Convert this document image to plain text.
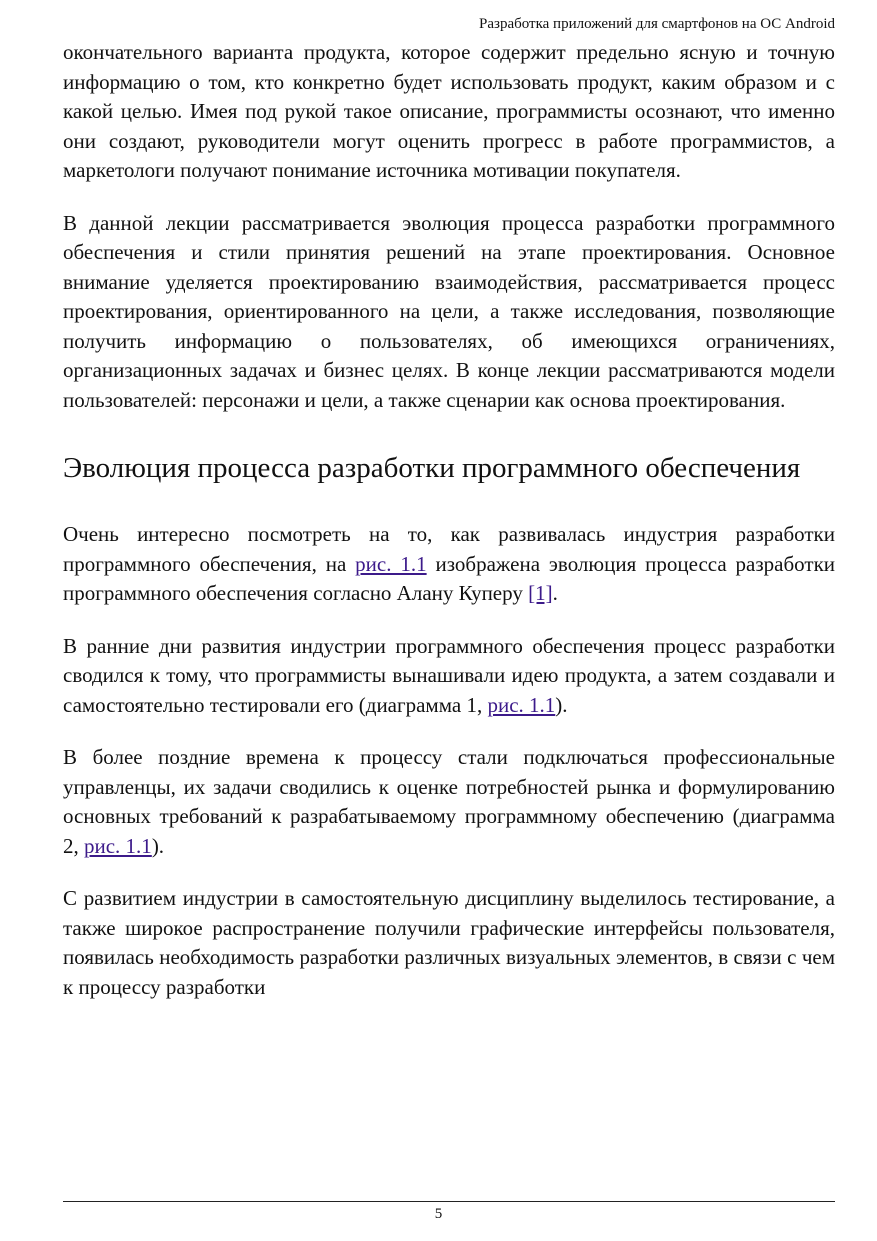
Разработка приложений для смартфонов на ОС Android

окончательного варианта продукта, которое содержит предельно ясную и точную информацию о том, кто конкретно будет использовать продукт, каким образом и с какой целью. Имея под рукой такое описание, программисты осознают, что именно они создают, руководители могут оценить прогресс в работе программистов, а маркетологи получают понимание источника мотивации покупателя.

В данной лекции рассматривается эволюция процесса разработки программного обеспечения и стили принятия решений на этапе проектирования. Основное внимание уделяется проектированию взаимодействия, рассматривается процесс проектирования, ориентированного на цели, а также исследования, позволяющие получить информацию о пользователях, об имеющихся ограничениях, организационных задачах и бизнес целях. В конце лекции рассматриваются модели пользователей: персонажи и цели, а также сценарии как основа проектирования.

Эволюция процесса разработки программного обеспечения

Очень интересно посмотреть на то, как развивалась индустрия разработки программного обеспечения, на рис. 1.1 изображена эволюция процесса разработки программного обеспечения согласно Алану Куперу [1].

В ранние дни развития индустрии программного обеспечения процесс разработки сводился к тому, что программисты вынашивали идею продукта, а затем создавали и самостоятельно тестировали его (диаграмма 1, рис. 1.1).

В более поздние времена к процессу стали подключаться профессиональные управленцы, их задачи сводились к оценке потребностей рынка и формулированию основных требований к разрабатываемому программному обеспечению (диаграмма 2, рис. 1.1).

С развитием индустрии в самостоятельную дисциплину выделилось тестирование, а также широкое распространение получили графические интерфейсы пользователя, появилась необходимость разработки различных визуальных элементов, в связи с чем к процессу разработки

5
